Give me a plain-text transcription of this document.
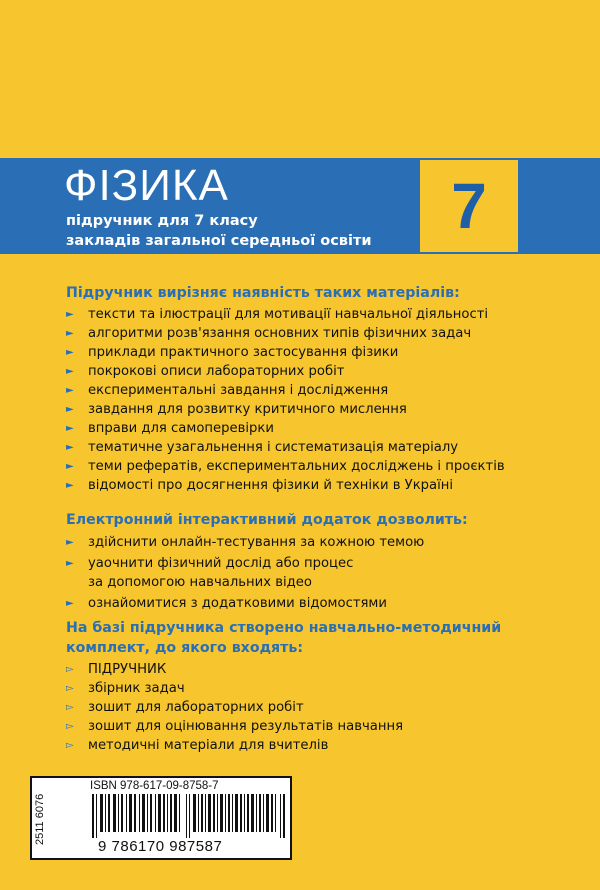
7
ФІЗИКА
підручник для 7 класу
закладів загальної середньої освіти
Підручник вирізняє наявність таких матеріалів:
► тексти та ілюстрації для мотивації навчальної діяльності
► алгоритми розв'язання основних типів фізичних задач
► приклади практичного застосування фізики
► покрокові описи лабораторних робіт
► експериментальні завдання і дослідження
► завдання для розвитку критичного мислення
► вправи для самоперевірки
► тематичне узагальнення і систематизація матеріалу
► теми рефератів, експериментальних досліджень і проєктів
► відомості про досягнення фізики й техніки в Україні
Електронний інтерактивний додаток дозволить:
► здійснити онлайн-тестування за кожною темою
► уаочнити фізичний дослід або процес
за допомогою навчальних відео
► ознайомитися з додатковими відомостями
На базі підручника створено навчально-методичний
комплект, до якого входять:
▻ ПІДРУЧНИК
▻ збірник задач
▻ зошит для лабораторних робіт
▻ зошит для оцінювання результатів навчання
▻ методичні матеріали для вчителів
2511 6076
ISBN 978-617-09-8758-7
9 786170 987587
